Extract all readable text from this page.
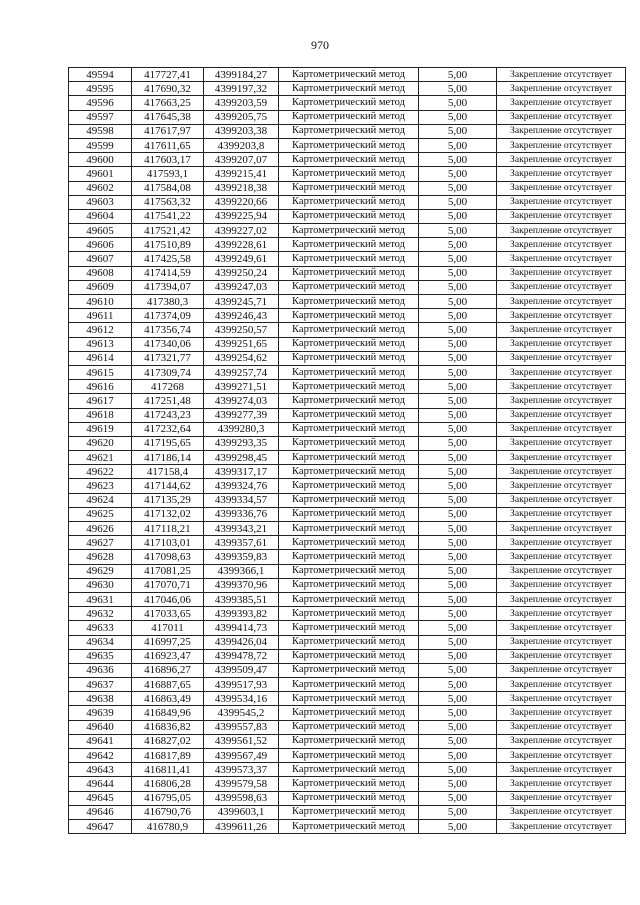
970
49594	417727,41	4399184,27	Картометрический метод	5,00	Закрепление отсутствует
49595	417690,32	4399197,32	Картометрический метод	5,00	Закрепление отсутствует
49596	417663,25	4399203,59	Картометрический метод	5,00	Закрепление отсутствует
49597	417645,38	4399205,75	Картометрический метод	5,00	Закрепление отсутствует
49598	417617,97	4399203,38	Картометрический метод	5,00	Закрепление отсутствует
49599	417611,65	4399203,8	Картометрический метод	5,00	Закрепление отсутствует
49600	417603,17	4399207,07	Картометрический метод	5,00	Закрепление отсутствует
49601	417593,1	4399215,41	Картометрический метод	5,00	Закрепление отсутствует
49602	417584,08	4399218,38	Картометрический метод	5,00	Закрепление отсутствует
49603	417563,32	4399220,66	Картометрический метод	5,00	Закрепление отсутствует
49604	417541,22	4399225,94	Картометрический метод	5,00	Закрепление отсутствует
49605	417521,42	4399227,02	Картометрический метод	5,00	Закрепление отсутствует
49606	417510,89	4399228,61	Картометрический метод	5,00	Закрепление отсутствует
49607	417425,58	4399249,61	Картометрический метод	5,00	Закрепление отсутствует
49608	417414,59	4399250,24	Картометрический метод	5,00	Закрепление отсутствует
49609	417394,07	4399247,03	Картометрический метод	5,00	Закрепление отсутствует
49610	417380,3	4399245,71	Картометрический метод	5,00	Закрепление отсутствует
49611	417374,09	4399246,43	Картометрический метод	5,00	Закрепление отсутствует
49612	417356,74	4399250,57	Картометрический метод	5,00	Закрепление отсутствует
49613	417340,06	4399251,65	Картометрический метод	5,00	Закрепление отсутствует
49614	417321,77	4399254,62	Картометрический метод	5,00	Закрепление отсутствует
49615	417309,74	4399257,74	Картометрический метод	5,00	Закрепление отсутствует
49616	417268	4399271,51	Картометрический метод	5,00	Закрепление отсутствует
49617	417251,48	4399274,03	Картометрический метод	5,00	Закрепление отсутствует
49618	417243,23	4399277,39	Картометрический метод	5,00	Закрепление отсутствует
49619	417232,64	4399280,3	Картометрический метод	5,00	Закрепление отсутствует
49620	417195,65	4399293,35	Картометрический метод	5,00	Закрепление отсутствует
49621	417186,14	4399298,45	Картометрический метод	5,00	Закрепление отсутствует
49622	417158,4	4399317,17	Картометрический метод	5,00	Закрепление отсутствует
49623	417144,62	4399324,76	Картометрический метод	5,00	Закрепление отсутствует
49624	417135,29	4399334,57	Картометрический метод	5,00	Закрепление отсутствует
49625	417132,02	4399336,76	Картометрический метод	5,00	Закрепление отсутствует
49626	417118,21	4399343,21	Картометрический метод	5,00	Закрепление отсутствует
49627	417103,01	4399357,61	Картометрический метод	5,00	Закрепление отсутствует
49628	417098,63	4399359,83	Картометрический метод	5,00	Закрепление отсутствует
49629	417081,25	4399366,1	Картометрический метод	5,00	Закрепление отсутствует
49630	417070,71	4399370,96	Картометрический метод	5,00	Закрепление отсутствует
49631	417046,06	4399385,51	Картометрический метод	5,00	Закрепление отсутствует
49632	417033,65	4399393,82	Картометрический метод	5,00	Закрепление отсутствует
49633	417011	4399414,73	Картометрический метод	5,00	Закрепление отсутствует
49634	416997,25	4399426,04	Картометрический метод	5,00	Закрепление отсутствует
49635	416923,47	4399478,72	Картометрический метод	5,00	Закрепление отсутствует
49636	416896,27	4399509,47	Картометрический метод	5,00	Закрепление отсутствует
49637	416887,65	4399517,93	Картометрический метод	5,00	Закрепление отсутствует
49638	416863,49	4399534,16	Картометрический метод	5,00	Закрепление отсутствует
49639	416849,96	4399545,2	Картометрический метод	5,00	Закрепление отсутствует
49640	416836,82	4399557,83	Картометрический метод	5,00	Закрепление отсутствует
49641	416827,02	4399561,52	Картометрический метод	5,00	Закрепление отсутствует
49642	416817,89	4399567,49	Картометрический метод	5,00	Закрепление отсутствует
49643	416811,41	4399573,37	Картометрический метод	5,00	Закрепление отсутствует
49644	416806,28	4399579,58	Картометрический метод	5,00	Закрепление отсутствует
49645	416795,05	4399598,63	Картометрический метод	5,00	Закрепление отсутствует
49646	416790,76	4399603,1	Картометрический метод	5,00	Закрепление отсутствует
49647	416780,9	4399611,26	Картометрический метод	5,00	Закрепление отсутствует
